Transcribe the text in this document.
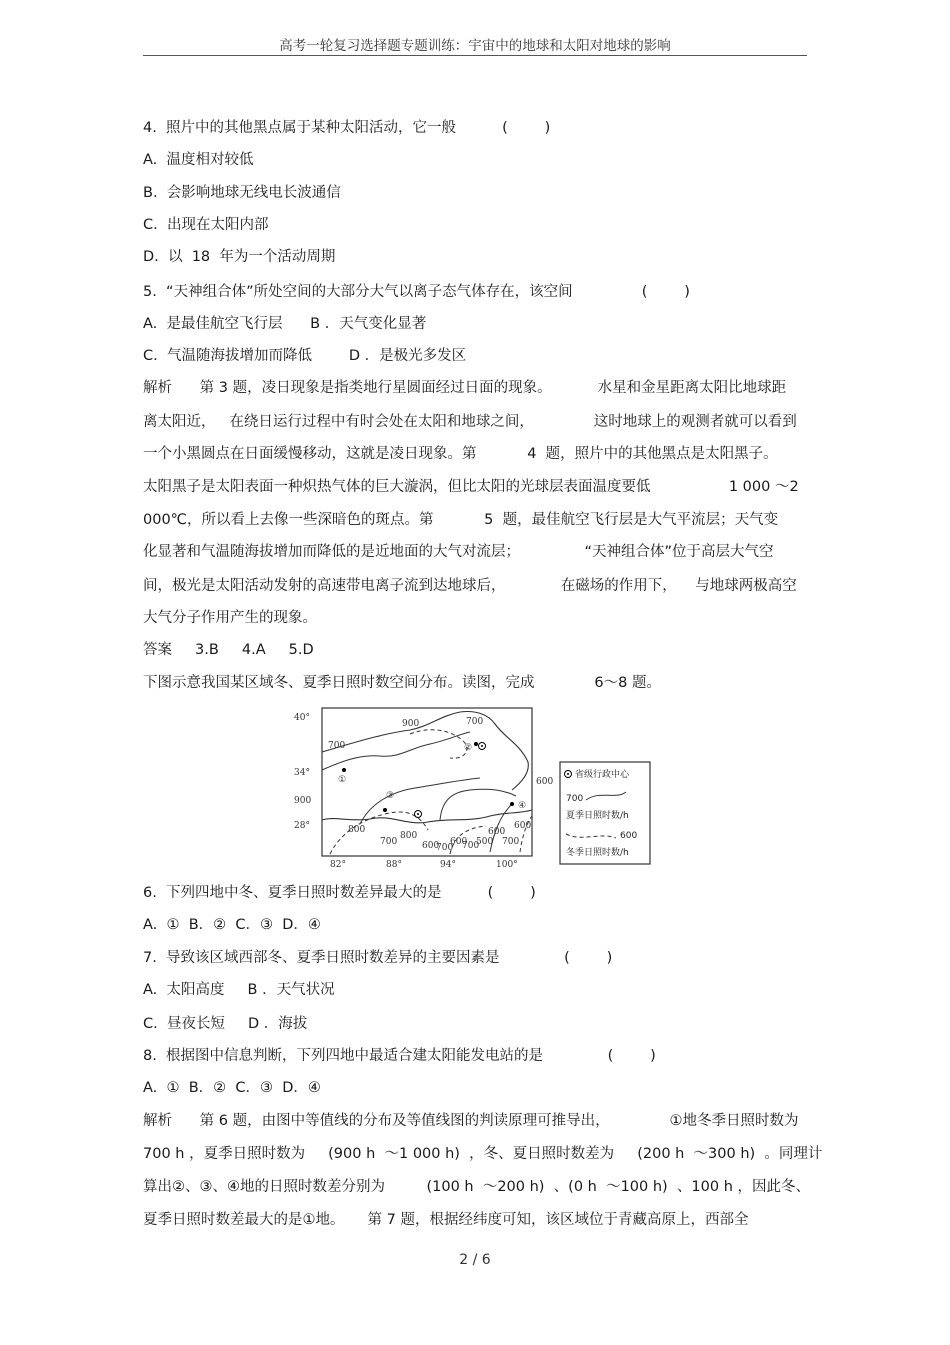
高考一轮复习选择题专题训练：宇宙中的地球和太阳对地球的影响
4.  照片中的其他黑点属于某种太阳活动，它一般          (        )
A.  温度相对较低
B.  会影响地球无线电长波通信
C.  出现在太阳内部
D.  以  18  年为一个活动周期
5.  “天神组合体”所处空间的大部分大气以离子态气体存在，该空间               (        )
A.  是最佳航空飞行层      B ．天气变化显著
C.  气温随海拔增加而降低        D ．是极光多发区
解析      第 3 题，凌日现象是指类地行星圆面经过日面的现象。          水星和金星距离太阳比地球距
离太阳近，   在绕日运行过程中有时会处在太阳和地球之间，             这时地球上的观测者就可以看到
一个小黑圆点在日面缓慢移动，这就是凌日现象。第           4  题，照片中的其他黑点是太阳黑子。
太阳黑子是太阳表面一种炽热气体的巨大漩涡，但比太阳的光球层表面温度要低                 1 000 ～2
000℃，所以看上去像一些深暗色的斑点。第           5  题，最佳航空飞行层是大气平流层；天气变
化显著和气温随海拔增加而降低的是近地面的大气对流层；              “天神组合体”位于高层大气空
间，极光是太阳活动发射的高速带电离子流到达地球后，            在磁场的作用下，    与地球两极高空
大气分子作用产生的现象。
答案     3.B     4.A     5.D
下图示意我国某区域冬、夏季日照时数空间分布。读图，完成             6～8 题。
40°
34°
900
28°
82°	88°	94°	100°
900	700
700
600
800
700
800
600
700
600
700
500
600
700
600
①
②
③
④
省级行政中心
700
夏季日照时数/h
600
冬季日照时数/h
6.  下列四地中冬、夏季日照时数差异最大的是          (        )
A.  ①  B．②  C．③  D．④
7.  导致该区域西部冬、夏季日照时数差异的主要因素是              (        )
A.  太阳高度     B ．天气状况
C.  昼夜长短     D ．海拔
8.  根据图中信息判断，下列四地中最适合建太阳能发电站的是              (        )
A.  ①  B．②  C．③  D．④
解析      第 6 题，由图中等值线的分布及等值线图的判读原理可推导出，             ①地冬季日照时数为
700 h ，夏季日照时数为     (900 h  ～1 000 h)  ，冬、夏日照时数差为     (200 h  ～300 h)  。同理计
算出②、③、④地的日照时数差分别为         (100 h  ～200 h)  、(0 h  ～100 h)  、100 h ，因此冬、
夏季日照时数差最大的是①地。     第 7 题，根据经纬度可知，该区域位于青藏高原上，西部全
2 / 6
